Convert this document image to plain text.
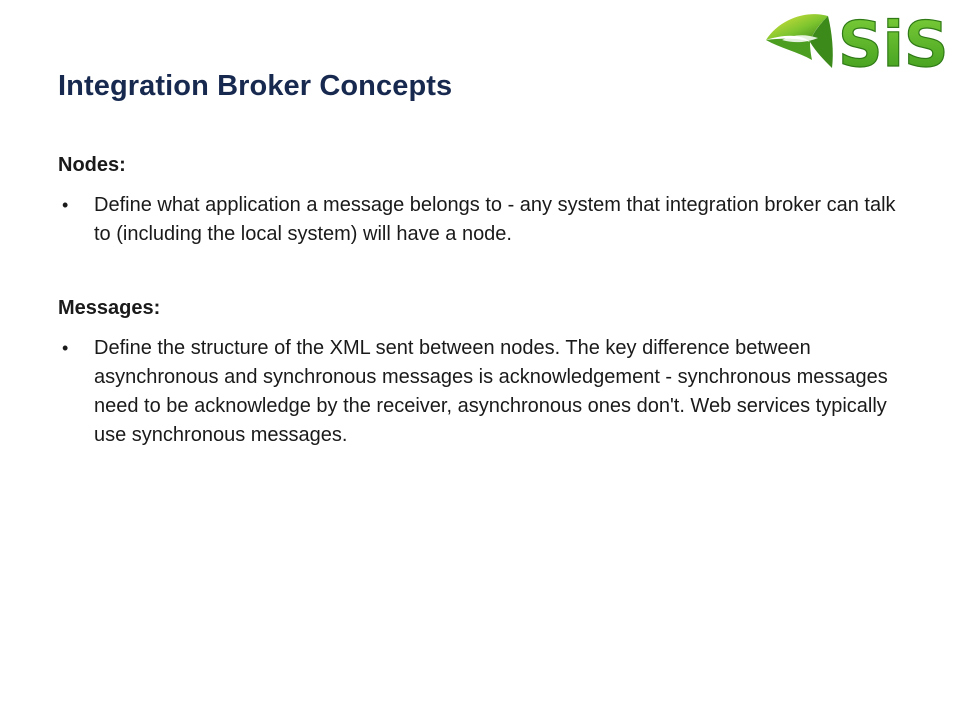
SiS
Integration Broker Concepts
Nodes:
• Define what application a message belongs to - any system that integration broker can talk to (including the local system) will have a node.
Messages:
• Define the structure of the XML sent between nodes. The key difference between asynchronous and synchronous messages is acknowledgement - synchronous messages need to be acknowledge by the receiver, asynchronous ones don't. Web services typically use synchronous messages.
